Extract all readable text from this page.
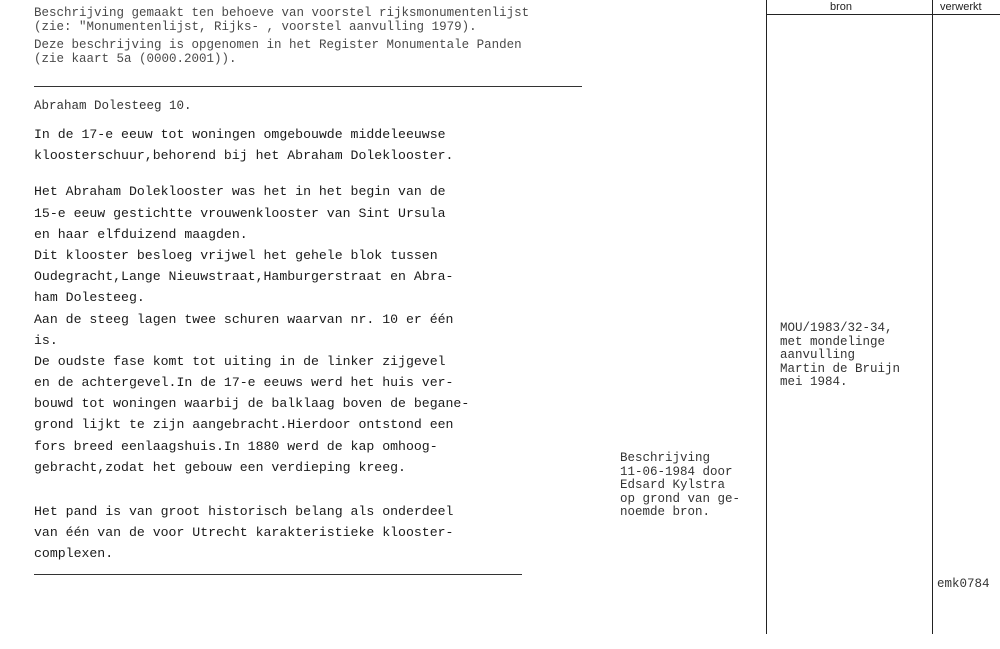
Beschrijving gemaakt ten behoeve van voorstel rijksmonumentenlijst
(zie: "Monumentenlijst, Rijks- , voorstel aanvulling 1979).
Deze beschrijving is opgenomen in het Register Monumentale Panden
(zie kaart 5a (0000.2001)).
Abraham Dolesteeg 10.
In de 17-e eeuw tot woningen omgebouwde middeleeuwse
kloosterschuur,behorend bij het Abraham Doleklooster.
Het Abraham Doleklooster was het in het begin van de
15-e eeuw gestichtte vrouwenklooster van Sint Ursula
en haar elfduizend maagden.
Dit klooster besloeg vrijwel het gehele blok tussen
Oudegracht,Lange Nieuwstraat,Hamburgerstraat en Abra-
ham Dolesteeg.
Aan de steeg lagen twee schuren waarvan nr. 10 er één
is.
De oudste fase komt tot uiting in de linker zijgevel
en de achtergevel.In de 17-e eeuws werd het huis ver-
bouwd tot woningen waarbij de balklaag boven de begane-
grond lijkt te zijn aangebracht.Hierdoor ontstond een
fors breed eenlaagshuis.In 1880 werd de kap omhoog-
gebracht,zodat het gebouw een verdieping kreeg.
Het pand is van groot historisch belang als onderdeel
van één van de voor Utrecht karakteristieke klooster-
complexen.
bron	verwerkt
MOU/1983/32-34,
met mondelinge
aanvulling
Martin de Bruijn
mei 1984.
Beschrijving
11-06-1984 door
Edsard Kylstra
op grond van ge-
noemde bron.
emk0784
